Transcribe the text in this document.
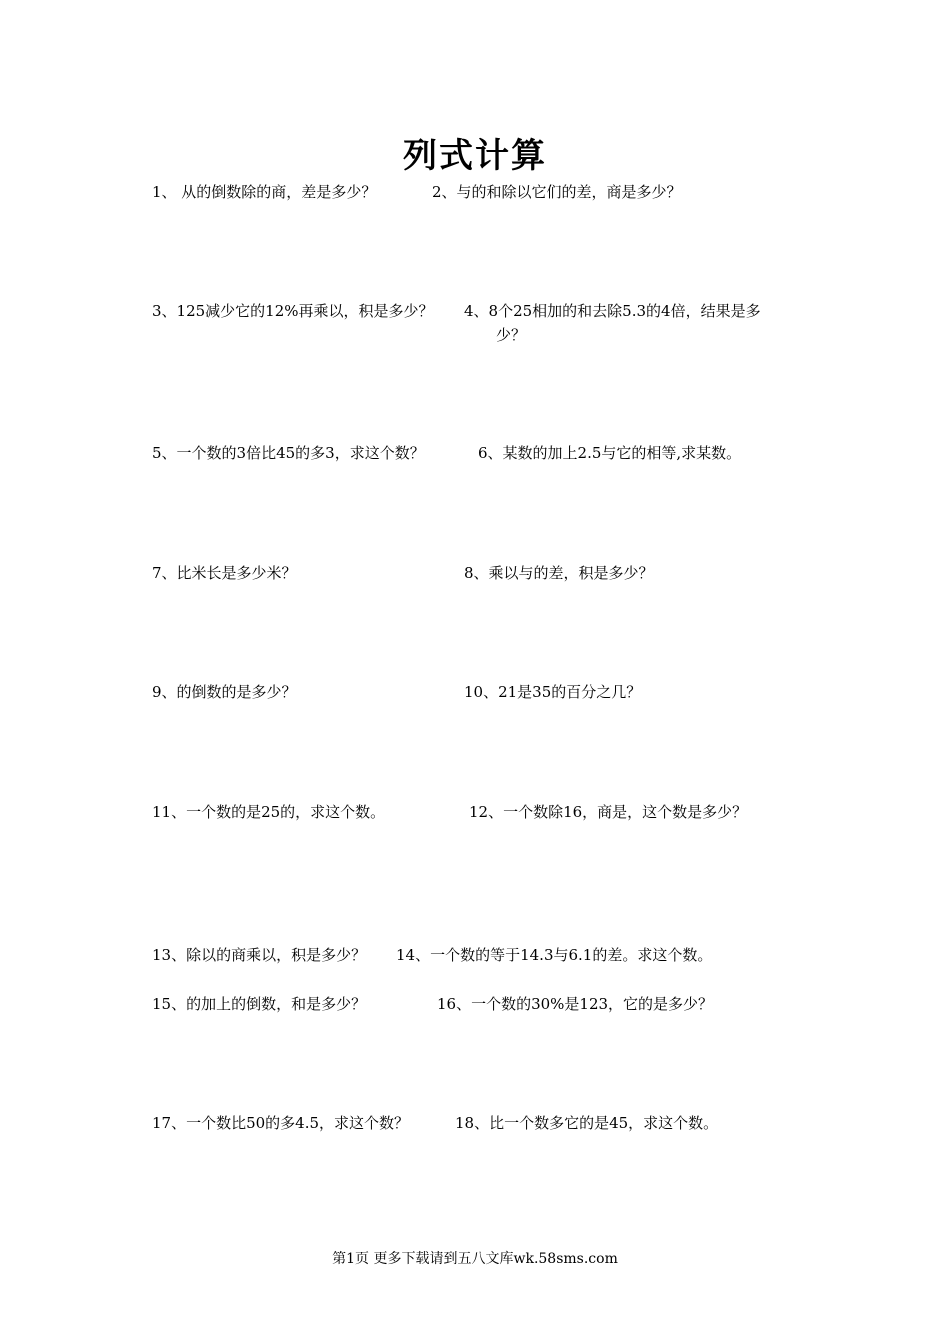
列式计算
1、 从的倒数除的商，差是多少？	2、与的和除以它们的差，商是多少？
3、125减少它的12%再乘以，积是多少？ 4、8个25相加的和去除5.3的4倍，结果是多
少？
5、一个数的3倍比45的多3，求这个数？	6、某数的加上2.5与它的相等,求某数。
7、比米长是多少米？	8、乘以与的差，积是多少？
9、的倒数的是多少？	10、21是35的百分之几？
11、一个数的是25的，求这个数。	12、一个数除16，商是，这个数是多少？
13、除以的商乘以，积是多少？ 14、一个数的等于14.3与6.1的差。求这个数。
15、的加上的倒数，和是多少？	16、一个数的30%是123，它的是多少？
17、一个数比50的多4.5，求这个数？	18、比一个数多它的是45，求这个数。
第1页 更多下载请到五八文库wk.58sms.com
